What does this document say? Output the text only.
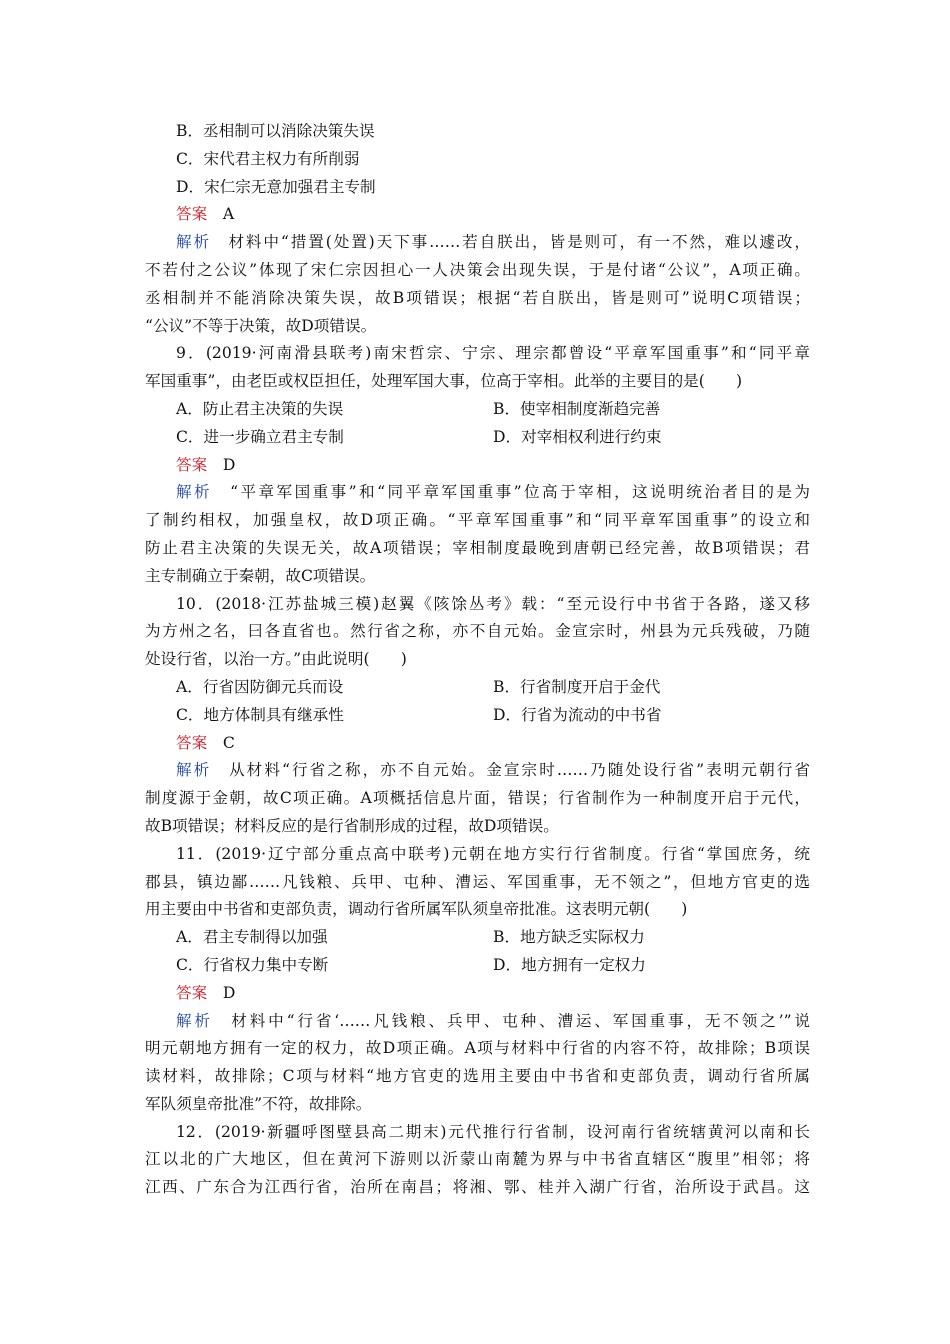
B．丞相制可以消除决策失误
C．宋代君主权力有所削弱
D．宋仁宗无意加强君主专制
答案　 A
解析　 材料中“措置(处置)天下事……若自朕出，皆是则可，有一不然，难以遽改，
不若付之公议”体现了宋仁宗因担心一人决策会出现失误，于是付诸“公议”，A项正确。
丞相制并不能消除决策失误，故B项错误；根据“若自朕出，皆是则可”说明C项错误；
“公议”不等于决策，故D项错误。
9．(2019·河南滑县联考)南宋哲宗、宁宗、理宗都曾设“平章军国重事”和“同平章
军国重事”，由老臣或权臣担任，处理军国大事，位高于宰相。此举的主要目的是(　　)
A．防止君主决策的失误	B．使宰相制度渐趋完善
C．进一步确立君主专制	D．对宰相权利进行约束
答案　 D
解析　 “平章军国重事”和“同平章军国重事”位高于宰相，这说明统治者目的是为
了制约相权，加强皇权，故D项正确。“平章军国重事”和“同平章军国重事”的设立和
防止君主决策的失误无关，故A项错误；宰相制度最晚到唐朝已经完善，故B项错误；君
主专制确立于秦朝，故C项错误。
10．(2018·江苏盐城三模)赵翼《陔馀丛考》载：“至元设行中书省于各路，遂又移
为方州之名，曰各直省也。然行省之称，亦不自元始。金宣宗时，州县为元兵残破，乃随
处设行省，以治一方。”由此说明(　　)
A．行省因防御元兵而设	B．行省制度开启于金代
C．地方体制具有继承性	D．行省为流动的中书省
答案　 C
解析　 从材料“行省之称，亦不自元始。金宣宗时……乃随处设行省”表明元朝行省
制度源于金朝，故C项正确。A项概括信息片面，错误；行省制作为一种制度开启于元代，
故B项错误；材料反应的是行省制形成的过程，故D项错误。
11．(2019·辽宁部分重点高中联考)元朝在地方实行行省制度。行省“掌国庶务，统
郡县，镇边鄙……凡钱粮、兵甲、屯种、漕运、军国重事，无不领之”，但地方官吏的选
用主要由中书省和吏部负责，调动行省所属军队须皇帝批准。这表明元朝(　　)
A．君主专制得以加强	B．地方缺乏实际权力
C．行省权力集中专断	D．地方拥有一定权力
答案　 D
解析　 材料中“行省‘……凡钱粮、兵甲、屯种、漕运、军国重事，无不领之’”说
明元朝地方拥有一定的权力，故D项正确。A项与材料中行省的内容不符，故排除；B项误
读材料，故排除；C项与材料“地方官吏的选用主要由中书省和吏部负责，调动行省所属
军队须皇帝批准”不符，故排除。
12．(2019·新疆呼图壁县高二期末)元代推行行省制，设河南行省统辖黄河以南和长
江以北的广大地区，但在黄河下游则以沂蒙山南麓为界与中书省直辖区“腹里”相邻；将
江西、广东合为江西行省，治所在南昌；将湘、鄂、桂并入湖广行省，治所设于武昌。这
